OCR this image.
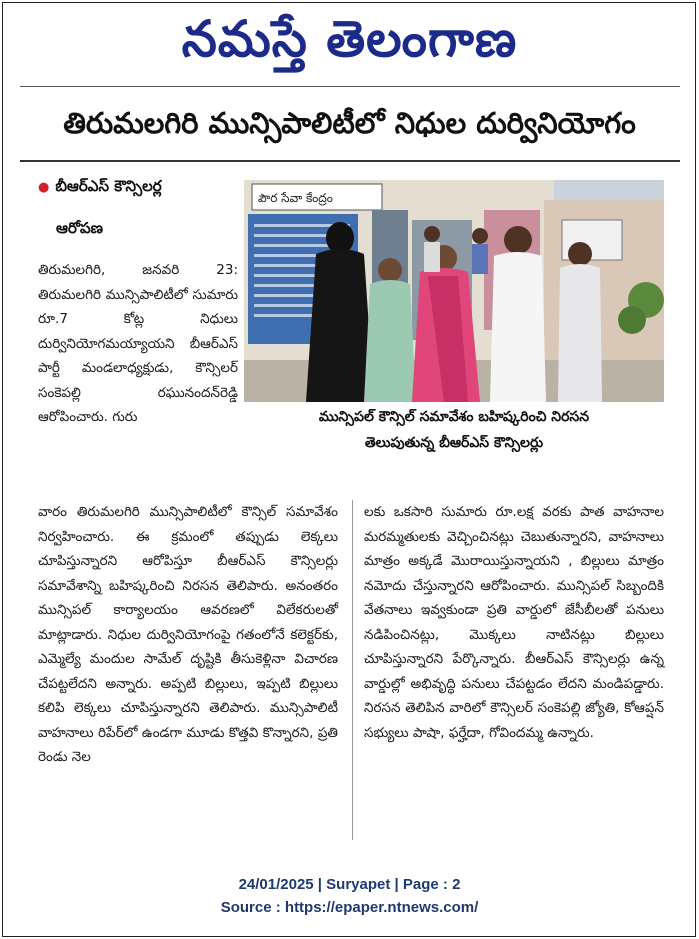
నమస్తే తెలంగాణ
తిరుమలగిరి మున్సిపాలిటీలో నిధుల దుర్వినియోగం
● బీఆర్‌ఎస్ కౌన్సిలర్ల
ఆరోపణ
తిరుమలగిరి, జనవరి 23: తిరుమలగిరి మున్సిపాలిటీలో సుమారు రూ.7 కోట్ల నిధులు దుర్వినియోగమయ్యాయని బీఆర్‌ఎస్ పార్టీ మండలాధ్యక్షుడు, కౌన్సిలర్ సంకెపల్లి రఘునందన్‌రెడ్డి ఆరోపించారు. గురు
పౌర సేవా కేంద్రం
మున్సిపల్ కౌన్సిల్ సమావేశం బహిష్కరించి నిరసన
తెలుపుతున్న బీఆర్‌ఎస్ కౌన్సిలర్లు
వారం తిరుమలగిరి మున్సిపాలిటీలో కౌన్సిల్ సమావేశం నిర్వహించారు. ఈ క్రమంలో తప్పుడు లెక్కలు చూపిస్తున్నారని ఆరోపిస్తూ బీఆర్‌ఎస్ కౌన్సిలర్లు సమావేశాన్ని బహిష్కరించి నిరసన తెలిపారు. అనంతరం మున్సిపల్ కార్యాలయం ఆవరణలో విలేకరులతో మాట్లాడారు. నిధుల దుర్వినియోగంపై గతంలోనే కలెక్టర్‌కు, ఎమ్మెల్యే మందుల సామేల్ దృష్టికి తీసుకెళ్లినా విచారణ చేపట్టలేదని అన్నారు. అప్పటి బిల్లులు, ఇప్పటి బిల్లులు కలిపి లెక్కలు చూపిస్తున్నారని తెలిపారు. మున్సిపాలిటీ వాహనాలు రిపేర్‌లో ఉండగా మూడు కొత్తవి కొన్నారని, ప్రతి రెండు నెల
లకు ఒకసారి సుమారు రూ.లక్ష వరకు పాత వాహనాల మరమ్మతులకు వెచ్చించినట్లు చెబుతున్నారని, వాహనాలు మాత్రం అక్కడే మొరాయిస్తున్నాయని , బిల్లులు మాత్రం నమోదు చేస్తున్నారని ఆరోపించారు. మున్సిపల్ సిబ్బందికి వేతనాలు ఇవ్వకుండా ప్రతి వార్డులో జేసీబీలతో పనులు నడిపించినట్లు, మొక్కలు నాటినట్లు బిల్లులు చూపిస్తున్నారని పేర్కొన్నారు. బీఆర్‌ఎస్ కౌన్సిలర్లు ఉన్న వార్డుల్లో అభివృద్ధి పనులు చేపట్టడం లేదని మండిపడ్డారు. నిరసన తెలిపిన వారిలో కౌన్సిలర్ సంకెపల్లి జ్యోతి, కోఆప్షన్ సభ్యులు పాషా, ఫర్హేదా, గోవిందమ్మ ఉన్నారు.
24/01/2025 | Suryapet | Page : 2
Source : https://epaper.ntnews.com/
